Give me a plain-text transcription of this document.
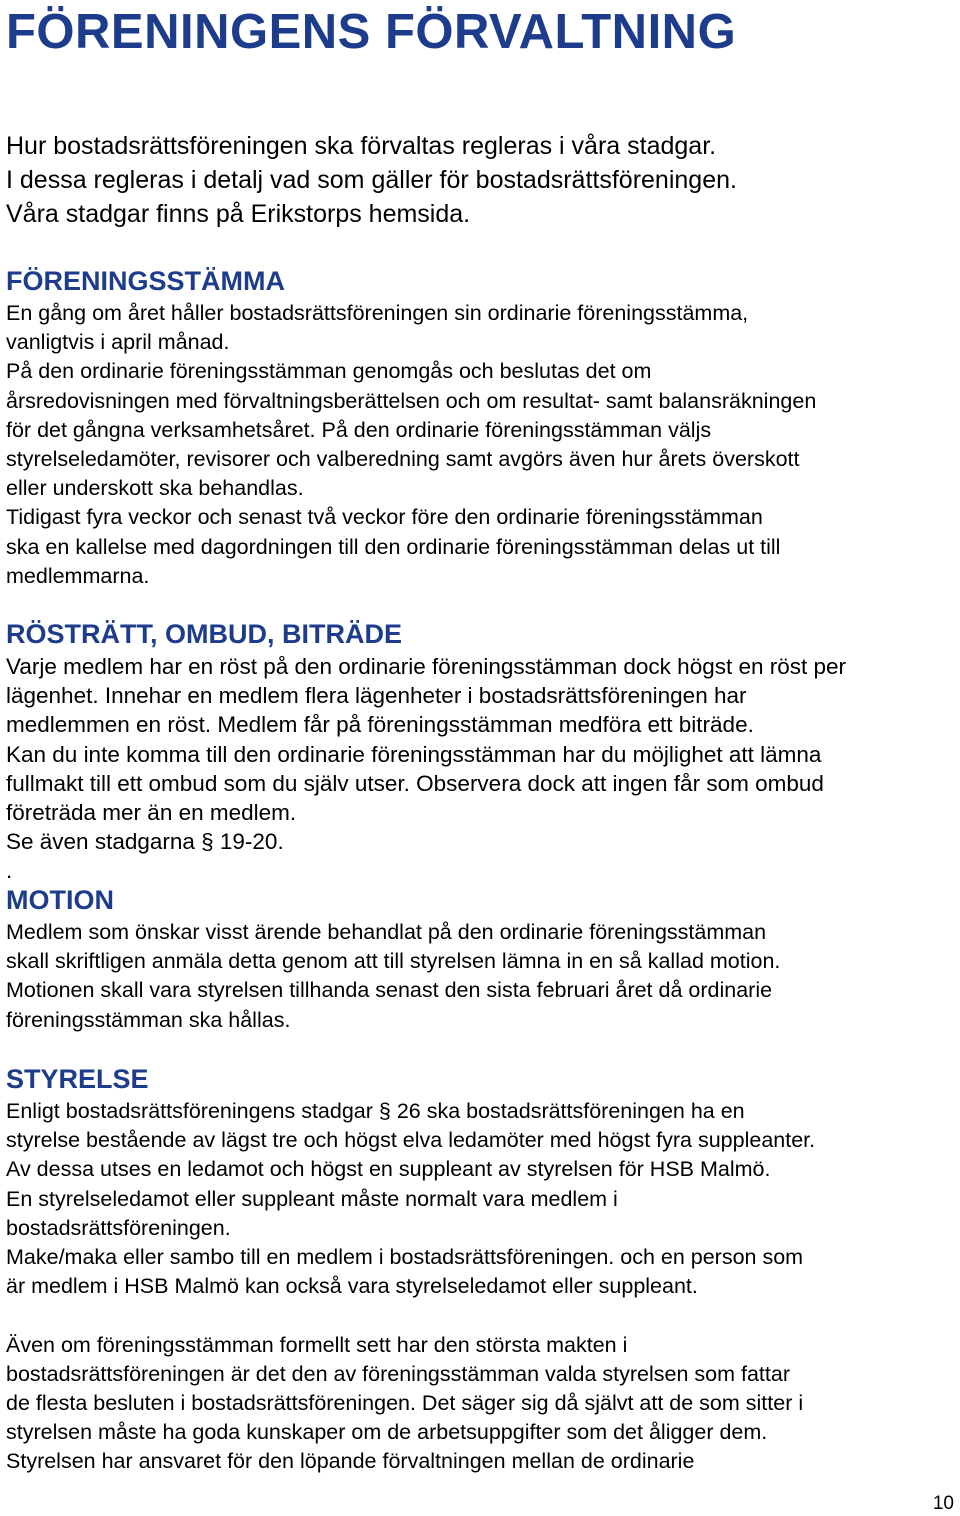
FÖRENINGENS FÖRVALTNING

Hur bostadsrättsföreningen ska förvaltas regleras i våra stadgar.

I dessa regleras i detalj vad som gäller för bostadsrättsföreningen.

Våra stadgar finns på Erikstorps hemsida.

FÖRENINGSSTÄMMA

En gång om året håller bostadsrättsföreningen sin ordinarie föreningsstämma,

vanligtvis i april månad.

På den ordinarie föreningsstämman genomgås och beslutas det om

årsredovisningen med förvaltningsberättelsen och om resultat- samt balansräkningen

för det gångna verksamhetsåret. På den ordinarie föreningsstämman väljs

styrelseledamöter, revisorer och valberedning samt avgörs även hur årets överskott

eller underskott ska behandlas.

Tidigast fyra veckor och senast två veckor före den ordinarie föreningsstämman

ska en kallelse med dagordningen till den ordinarie föreningsstämman delas ut till

medlemmarna.

RÖSTRÄTT, OMBUD, BITRÄDE

Varje medlem har en röst på den ordinarie föreningsstämman dock högst en röst per

lägenhet. Innehar en medlem flera lägenheter i bostadsrättsföreningen har

medlemmen en röst. Medlem får på föreningsstämman medföra ett biträde.

Kan du inte komma till den ordinarie föreningsstämman har du möjlighet att lämna

fullmakt till ett ombud som du själv utser. Observera dock att ingen får som ombud

företräda mer än en medlem.

Se även stadgarna § 19-20.

.

MOTION

Medlem som önskar visst ärende behandlat på den ordinarie föreningsstämman

skall skriftligen anmäla detta genom att till styrelsen lämna in en så kallad motion.

Motionen skall vara styrelsen tillhanda senast den sista februari året då ordinarie

föreningsstämman ska hållas.

STYRELSE

Enligt bostadsrättsföreningens stadgar § 26 ska bostadsrättsföreningen ha en

styrelse bestående av lägst tre och högst elva ledamöter med högst fyra suppleanter.

Av dessa utses en ledamot och högst en suppleant av styrelsen för HSB Malmö.

En styrelseledamot eller suppleant måste normalt vara medlem i

bostadsrättsföreningen.

Make/maka eller sambo till en medlem i bostadsrättsföreningen. och en person som

är medlem i HSB Malmö kan också vara styrelseledamot eller suppleant.

Även om föreningsstämman formellt sett har den största makten i

bostadsrättsföreningen är det den av föreningsstämman valda styrelsen som fattar

de flesta besluten i bostadsrättsföreningen. Det säger sig då självt att de som sitter i

styrelsen måste ha goda kunskaper om de arbetsuppgifter som det åligger dem.

Styrelsen har ansvaret för den löpande förvaltningen mellan de ordinarie

10
